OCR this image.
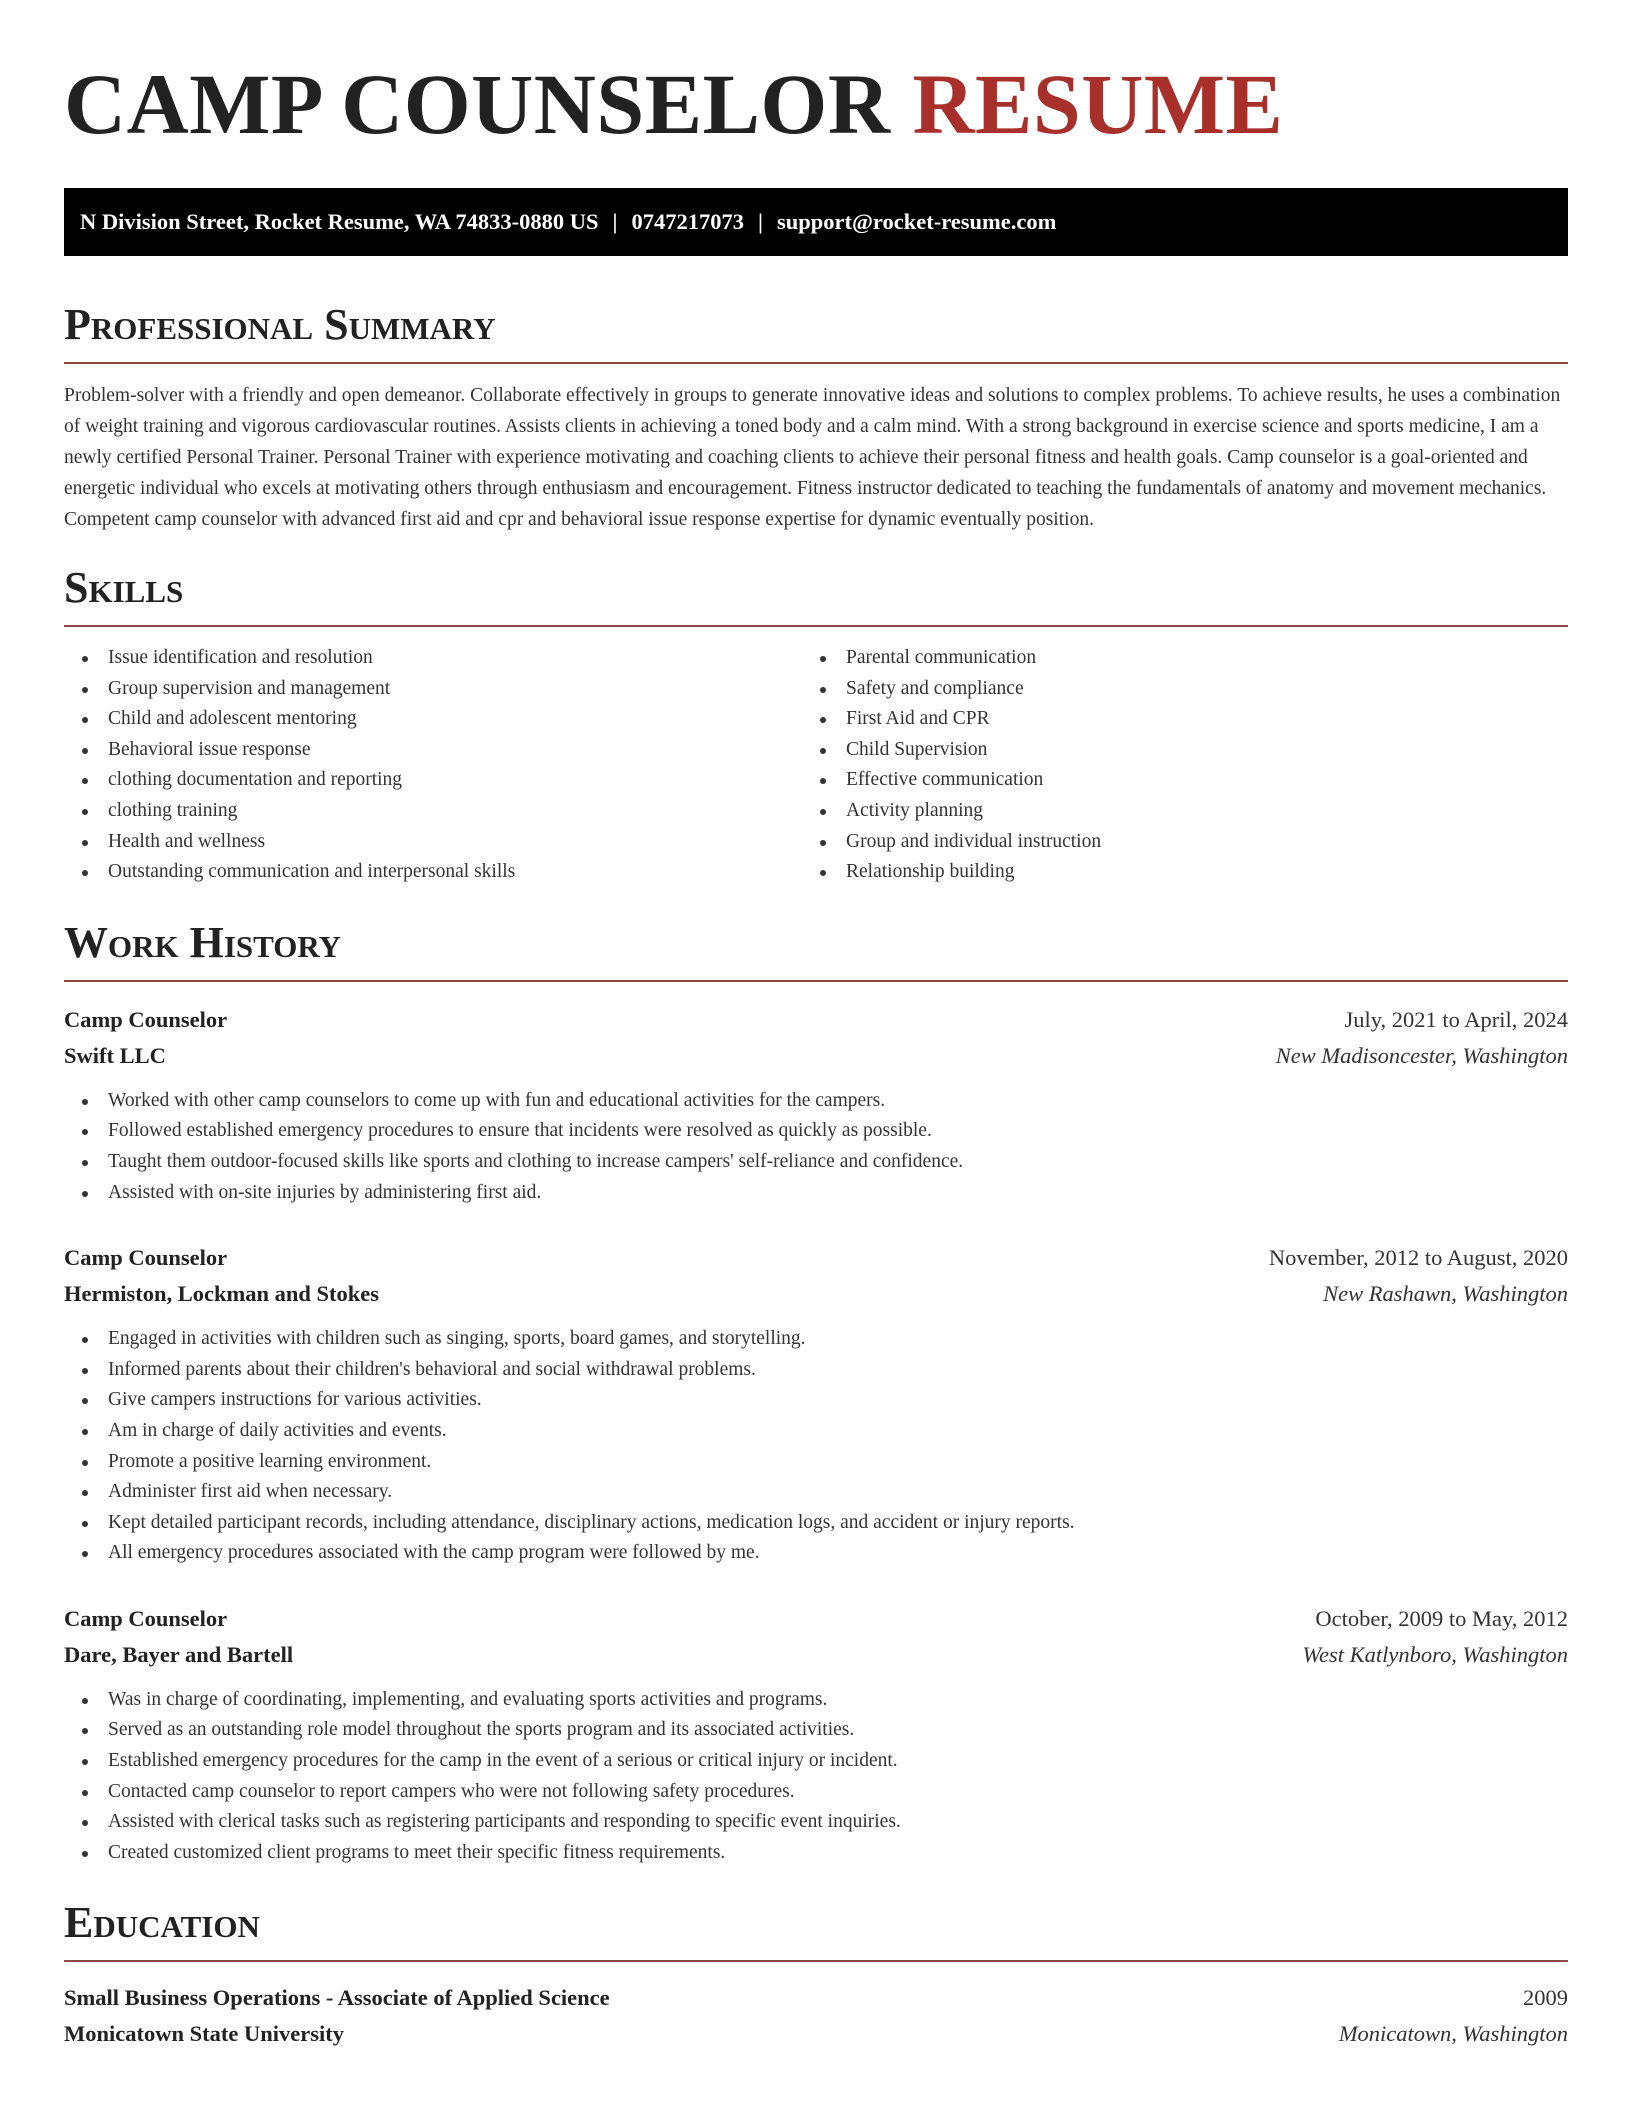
CAMP COUNSELOR RESUME
N Division Street, Rocket Resume, WA 74833-0880 US | 0747217073 | support@rocket-resume.com
Professional Summary

Problem-solver with a friendly and open demeanor. Collaborate effectively in groups to generate innovative ideas and solutions to complex problems. To achieve results, he uses a combination of weight training and vigorous cardiovascular routines. Assists clients in achieving a toned body and a calm mind. With a strong background in exercise science and sports medicine, I am a newly certified Personal Trainer. Personal Trainer with experience motivating and coaching clients to achieve their personal fitness and health goals. Camp counselor is a goal-oriented and energetic individual who excels at motivating others through enthusiasm and encouragement. Fitness instructor dedicated to teaching the fundamentals of anatomy and movement mechanics. Competent camp counselor with advanced first aid and cpr and behavioral issue response expertise for dynamic eventually position.

Skills
Issue identification and resolution
Group supervision and management
Child and adolescent mentoring
Behavioral issue response
clothing documentation and reporting
clothing training
Health and wellness
Outstanding communication and interpersonal skills
Parental communication
Safety and compliance
First Aid and CPR
Child Supervision
Effective communication
Activity planning
Group and individual instruction
Relationship building
Work History
Camp Counselor	July, 2021 to April, 2024
Swift LLC	New Madisoncester, Washington
Worked with other camp counselors to come up with fun and educational activities for the campers.
Followed established emergency procedures to ensure that incidents were resolved as quickly as possible.
Taught them outdoor-focused skills like sports and clothing to increase campers' self-reliance and confidence.
Assisted with on-site injuries by administering first aid.
Camp Counselor	November, 2012 to August, 2020
Hermiston, Lockman and Stokes	New Rashawn, Washington
Engaged in activities with children such as singing, sports, board games, and storytelling.
Informed parents about their children's behavioral and social withdrawal problems.
Give campers instructions for various activities.
Am in charge of daily activities and events.
Promote a positive learning environment.
Administer first aid when necessary.
Kept detailed participant records, including attendance, disciplinary actions, medication logs, and accident or injury reports.
All emergency procedures associated with the camp program were followed by me.
Camp Counselor	October, 2009 to May, 2012
Dare, Bayer and Bartell	West Katlynboro, Washington
Was in charge of coordinating, implementing, and evaluating sports activities and programs.
Served as an outstanding role model throughout the sports program and its associated activities.
Established emergency procedures for the camp in the event of a serious or critical injury or incident.
Contacted camp counselor to report campers who were not following safety procedures.
Assisted with clerical tasks such as registering participants and responding to specific event inquiries.
Created customized client programs to meet their specific fitness requirements.
Education
Small Business Operations - Associate of Applied Science	2009
Monicatown State University	Monicatown, Washington
